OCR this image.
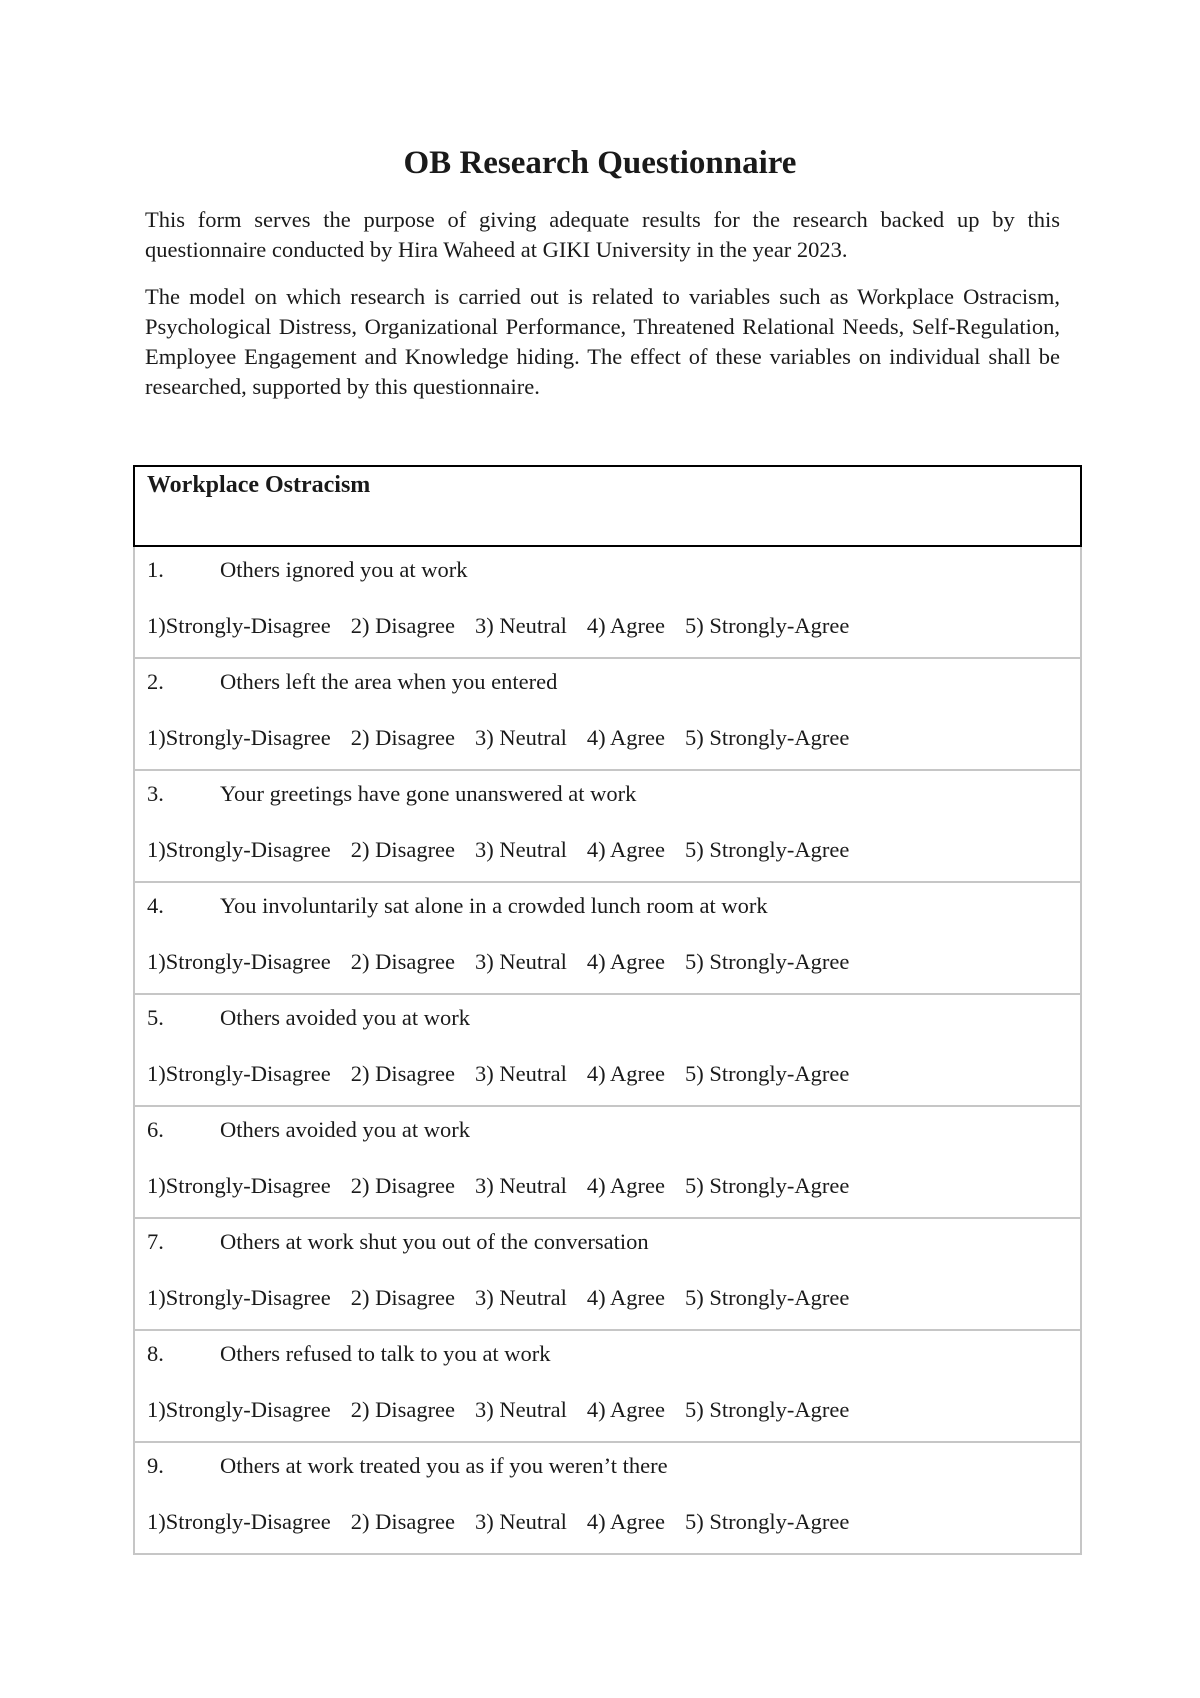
OB Research Questionnaire

This form serves the purpose of giving adequate results for the research backed up by this questionnaire conducted by Hira Waheed at GIKI University in the year 2023.

The model on which research is carried out is related to variables such as Workplace Ostracism, Psychological Distress, Organizational Performance, Threatened Relational Needs, Self-Regulation, Employee Engagement and Knowledge hiding. The effect of these variables on individual shall be researched, supported by this questionnaire.

Workplace Ostracism

1. Others ignored you at work
1)Strongly-Disagree 2) Disagree 3) Neutral 4) Agree 5) Strongly-Agree

2. Others left the area when you entered
1)Strongly-Disagree 2) Disagree 3) Neutral 4) Agree 5) Strongly-Agree

3. Your greetings have gone unanswered at work
1)Strongly-Disagree 2) Disagree 3) Neutral 4) Agree 5) Strongly-Agree

4. You involuntarily sat alone in a crowded lunch room at work
1)Strongly-Disagree 2) Disagree 3) Neutral 4) Agree 5) Strongly-Agree

5. Others avoided you at work
1)Strongly-Disagree 2) Disagree 3) Neutral 4) Agree 5) Strongly-Agree

6. Others avoided you at work
1)Strongly-Disagree 2) Disagree 3) Neutral 4) Agree 5) Strongly-Agree

7. Others at work shut you out of the conversation
1)Strongly-Disagree 2) Disagree 3) Neutral 4) Agree 5) Strongly-Agree

8. Others refused to talk to you at work
1)Strongly-Disagree 2) Disagree 3) Neutral 4) Agree 5) Strongly-Agree

9. Others at work treated you as if you weren’t there
1)Strongly-Disagree 2) Disagree 3) Neutral 4) Agree 5) Strongly-Agree
